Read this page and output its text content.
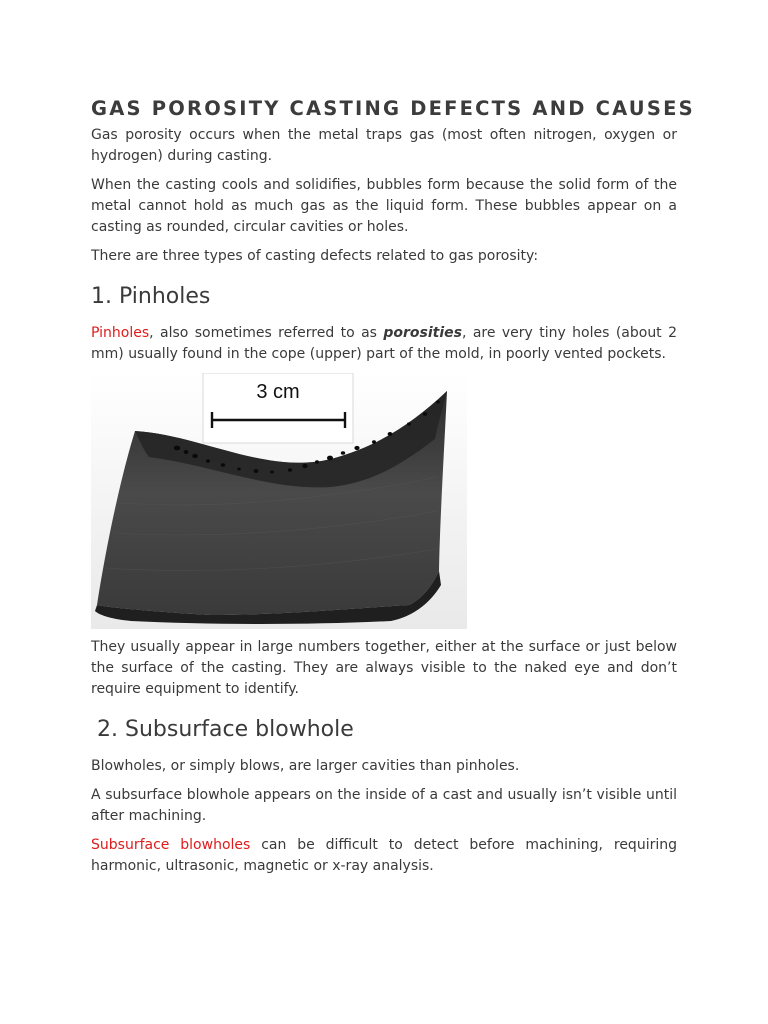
GAS POROSITY CASTING DEFECTS AND CAUSES

Gas porosity occurs when the metal traps gas (most often nitrogen, oxygen or hydrogen) during casting.

When the casting cools and solidifies, bubbles form because the solid form of the metal cannot hold as much gas as the liquid form. These bubbles appear on a casting as rounded, circular cavities or holes.

There are three types of casting defects related to gas porosity:

1. Pinholes

Pinholes, also sometimes referred to as porosities, are very tiny holes (about 2 mm) usually found in the cope (upper) part of the mold, in poorly vented pockets.

3 cm

They usually appear in large numbers together, either at the surface or just below the surface of the casting. They are always visible to the naked eye and don’t require equipment to identify.

2. Subsurface blowhole

Blowholes, or simply blows, are larger cavities than pinholes.

A subsurface blowhole appears on the inside of a cast and usually isn’t visible until after machining.

Subsurface blowholes can be difficult to detect before machining, requiring harmonic, ultrasonic, magnetic or x-ray analysis.
